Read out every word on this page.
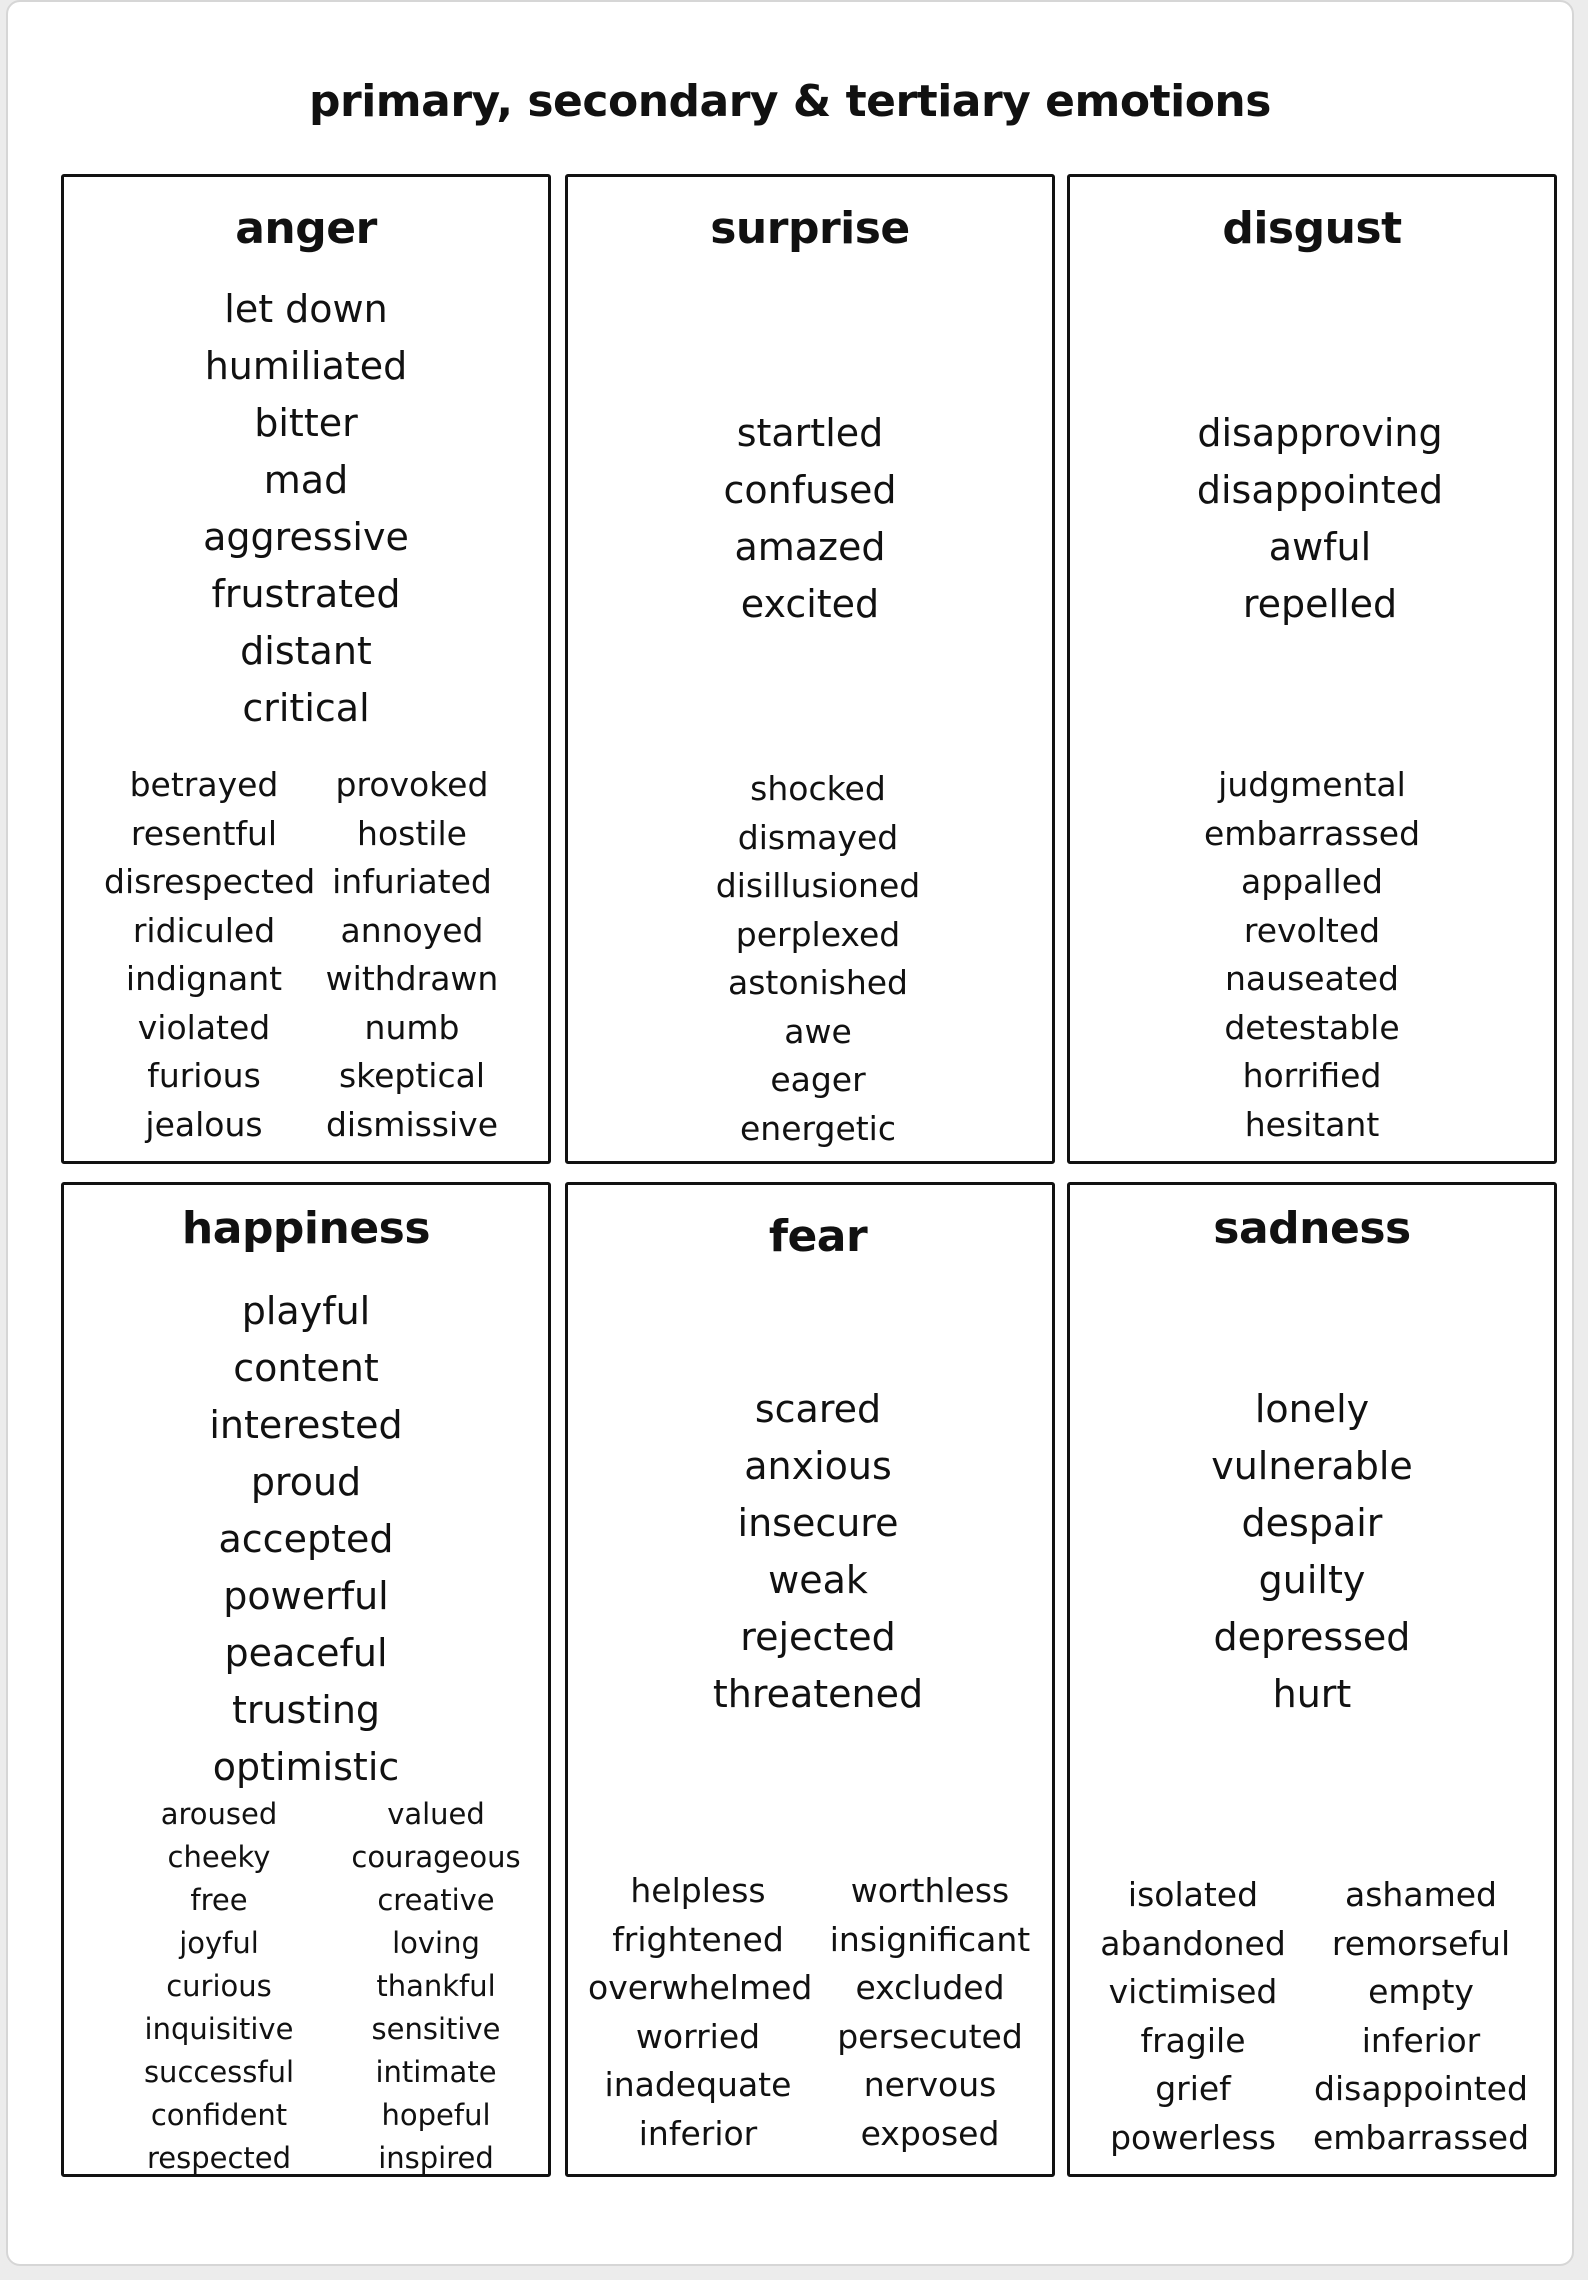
primary, secondary & tertiary emotions
anger
let down
humiliated
bitter
mad
aggressive
frustrated
distant
critical
betrayed
resentful
disrespected
ridiculed
indignant
violated
furious
jealous
provoked
hostile
infuriated
annoyed
withdrawn
numb
skeptical
dismissive
surprise
startled
confused
amazed
excited
shocked
dismayed
disillusioned
perplexed
astonished
awe
eager
energetic
disgust
disapproving
disappointed
awful
repelled
judgmental
embarrassed
appalled
revolted
nauseated
detestable
horrified
hesitant
happiness
playful
content
interested
proud
accepted
powerful
peaceful
trusting
optimistic
aroused
cheeky
free
joyful
curious
inquisitive
successful
confident
respected
valued
courageous
creative
loving
thankful
sensitive
intimate
hopeful
inspired
fear
scared
anxious
insecure
weak
rejected
threatened
helpless
frightened
overwhelmed
worried
inadequate
inferior
worthless
insignificant
excluded
persecuted
nervous
exposed
sadness
lonely
vulnerable
despair
guilty
depressed
hurt
isolated
abandoned
victimised
fragile
grief
powerless
ashamed
remorseful
empty
inferior
disappointed
embarrassed
